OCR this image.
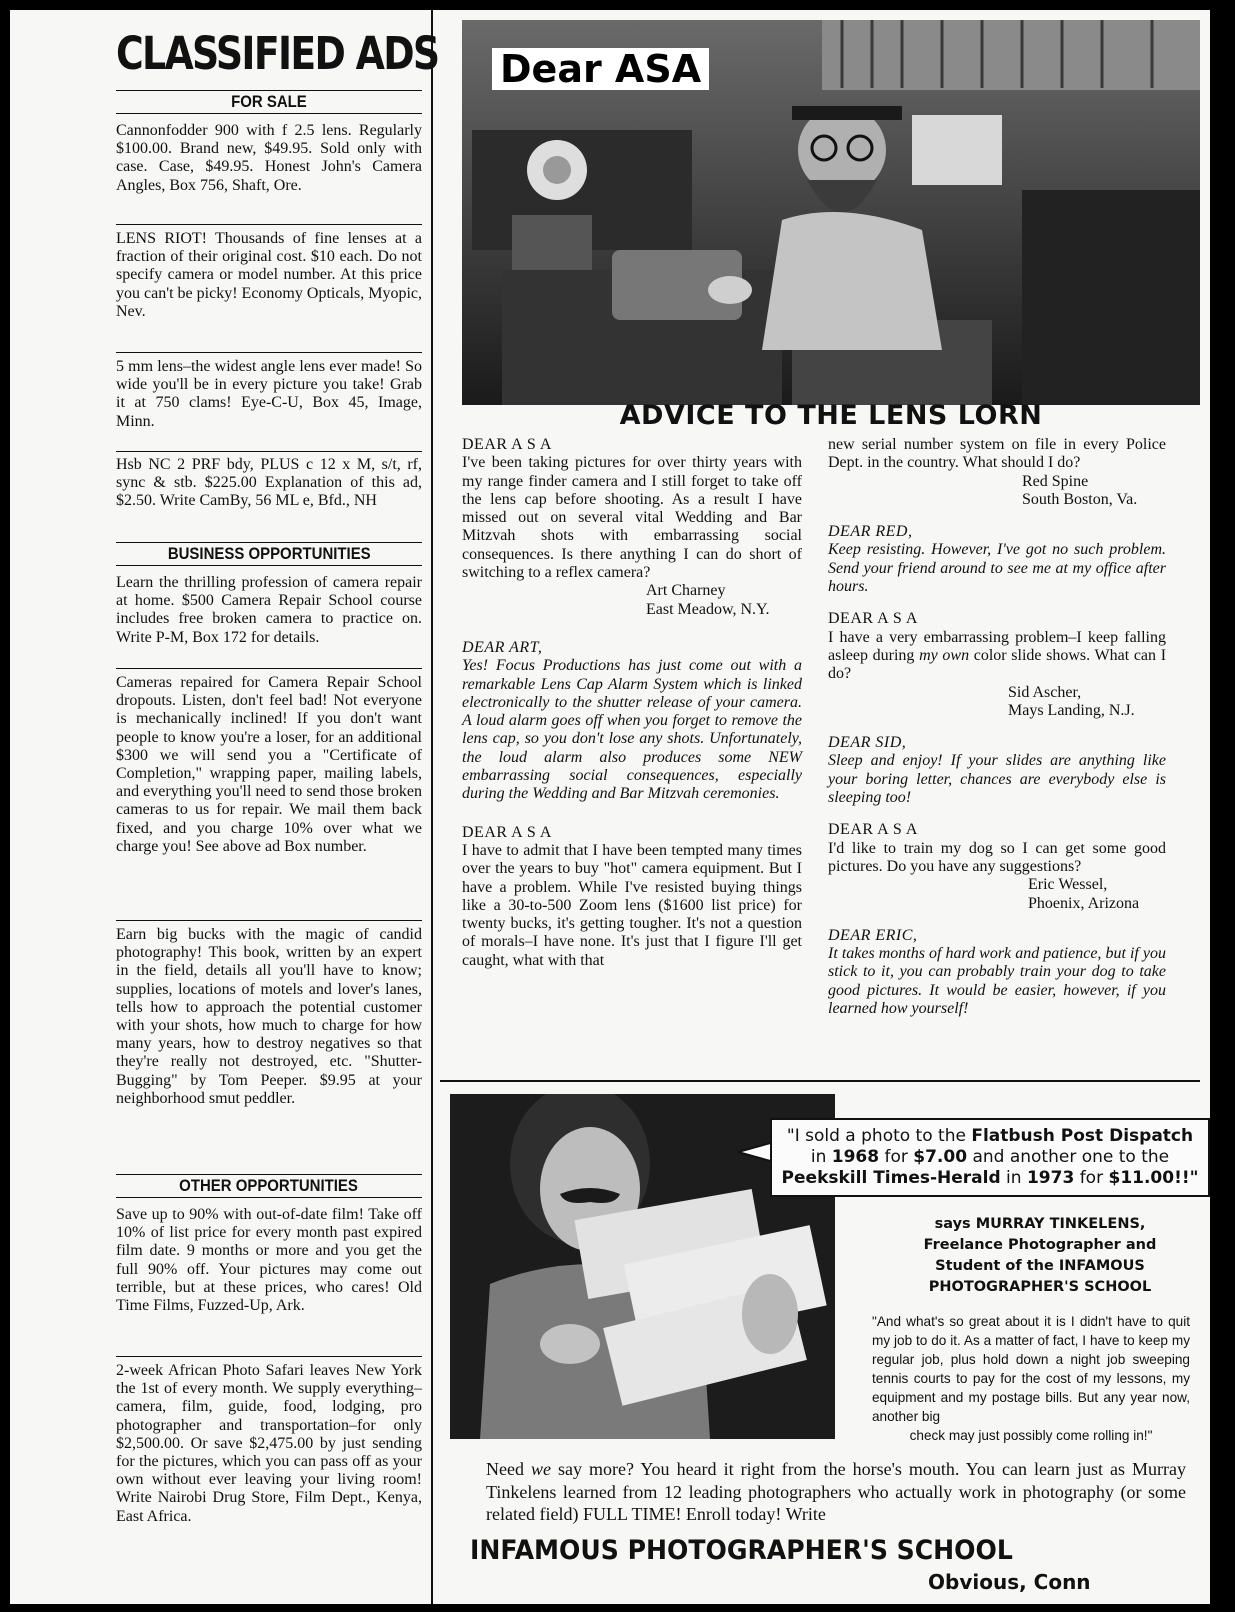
CLASSIFIED ADS
FOR SALE

Cannonfodder 900 with f 2.5 lens. Regularly $100.00. Brand new, $49.95. Sold only with case. Case, $49.95. Honest John's Camera Angles, Box 756, Shaft, Ore.

LENS RIOT! Thousands of fine lenses at a fraction of their original cost. $10 each. Do not specify camera or model number. At this price you can't be picky! Economy Opticals, Myopic, Nev.

5 mm lens–the widest angle lens ever made! So wide you'll be in every picture you take! Grab it at 750 clams! Eye-C-U, Box 45, Image, Minn.

Hsb NC 2 PRF bdy, PLUS c 12 x M, s/t, rf, sync & stb. $225.00 Explanation of this ad, $2.50. Write CamBy, 56 ML e, Bfd., NH

BUSINESS OPPORTUNITIES

Learn the thrilling profession of camera repair at home. $500 Camera Repair School course includes free broken camera to practice on. Write P-M, Box 172 for details.

Cameras repaired for Camera Repair School dropouts. Listen, don't feel bad! Not everyone is mechanically inclined! If you don't want people to know you're a loser, for an additional $300 we will send you a "Certificate of Completion," wrapping paper, mailing labels, and everything you'll need to send those broken cameras to us for repair. We mail them back fixed, and you charge 10% over what we charge you! See above ad Box number.

Earn big bucks with the magic of candid photography! This book, written by an expert in the field, details all you'll have to know; supplies, locations of motels and lover's lanes, tells how to approach the potential customer with your shots, how much to charge for how many years, how to destroy negatives so that they're really not destroyed, etc. "Shutter-Bugging" by Tom Peeper. $9.95 at your neighborhood smut peddler.

OTHER OPPORTUNITIES

Save up to 90% with out-of-date film! Take off 10% of list price for every month past expired film date. 9 months or more and you get the full 90% off. Your pictures may come out terrible, but at these prices, who cares! Old Time Films, Fuzzed-Up, Ark.

2-week African Photo Safari leaves New York the 1st of every month. We supply everything–camera, film, guide, food, lodging, pro photographer and transportation–for only $2,500.00. Or save $2,475.00 by just sending for the pictures, which you can pass off as your own without ever leaving your living room! Write Nairobi Drug Store, Film Dept., Kenya, East Africa.

Dear ASA
ADVICE TO THE LENS LORN
DEAR A S A

I've been taking pictures for over thirty years with my range finder camera and I still forget to take off the lens cap before shooting. As a result I have missed out on several vital Wedding and Bar Mitzvah shots with embarrassing social consequences. Is there anything I can do short of switching to a reflex camera?

Art Charney
East Meadow, N.Y.
DEAR ART,

Yes! Focus Productions has just come out with a remarkable Lens Cap Alarm System which is linked electronically to the shutter release of your camera. A loud alarm goes off when you forget to remove the lens cap, so you don't lose any shots. Unfortunately, the loud alarm also produces some NEW embarrassing social consequences, especially during the Wedding and Bar Mitzvah ceremonies.

DEAR A S A

I have to admit that I have been tempted many times over the years to buy "hot" camera equipment. But I have a problem. While I've resisted buying things like a 30-to-500 Zoom lens ($1600 list price) for twenty bucks, it's getting tougher. It's not a question of morals–I have none. It's just that I figure I'll get caught, what with that

new serial number system on file in every Police Dept. in the country. What should I do?

Red Spine
South Boston, Va.
DEAR RED,

Keep resisting. However, I've got no such problem. Send your friend around to see me at my office after hours.

DEAR A S A

I have a very embarrassing problem–I keep falling asleep during my own color slide shows. What can I do?

Sid Ascher,
Mays Landing, N.J.
DEAR SID,

Sleep and enjoy! If your slides are anything like your boring letter, chances are everybody else is sleeping too!

DEAR A S A

I'd like to train my dog so I can get some good pictures. Do you have any suggestions?

Eric Wessel,
Phoenix, Arizona
DEAR ERIC,

It takes months of hard work and patience, but if you stick to it, you can probably train your dog to take good pictures. It would be easier, however, if you learned how yourself!

"I sold a photo to the Flatbush Post Dispatch in 1968 for $7.00 and another one to the Peekskill Times-Herald in 1973 for $11.00!!"
says MURRAY TINKELENS,
Freelance Photographer and
Student of the INFAMOUS
PHOTOGRAPHER'S SCHOOL

"And what's so great about it is I didn't have to quit my job to do it. As a matter of fact, I have to keep my regular job, plus hold down a night job sweeping tennis courts to pay for the cost of my lessons, my equipment and my postage bills. But any year now, another big
check may just possibly come rolling in!"

Need we say more? You heard it right from the horse's mouth. You can learn just as Murray Tinkelens learned from 12 leading photographers who actually work in photography (or some related field) FULL TIME! Enroll today! Write

INFAMOUS PHOTOGRAPHER'S SCHOOL

Obvious, Conn
